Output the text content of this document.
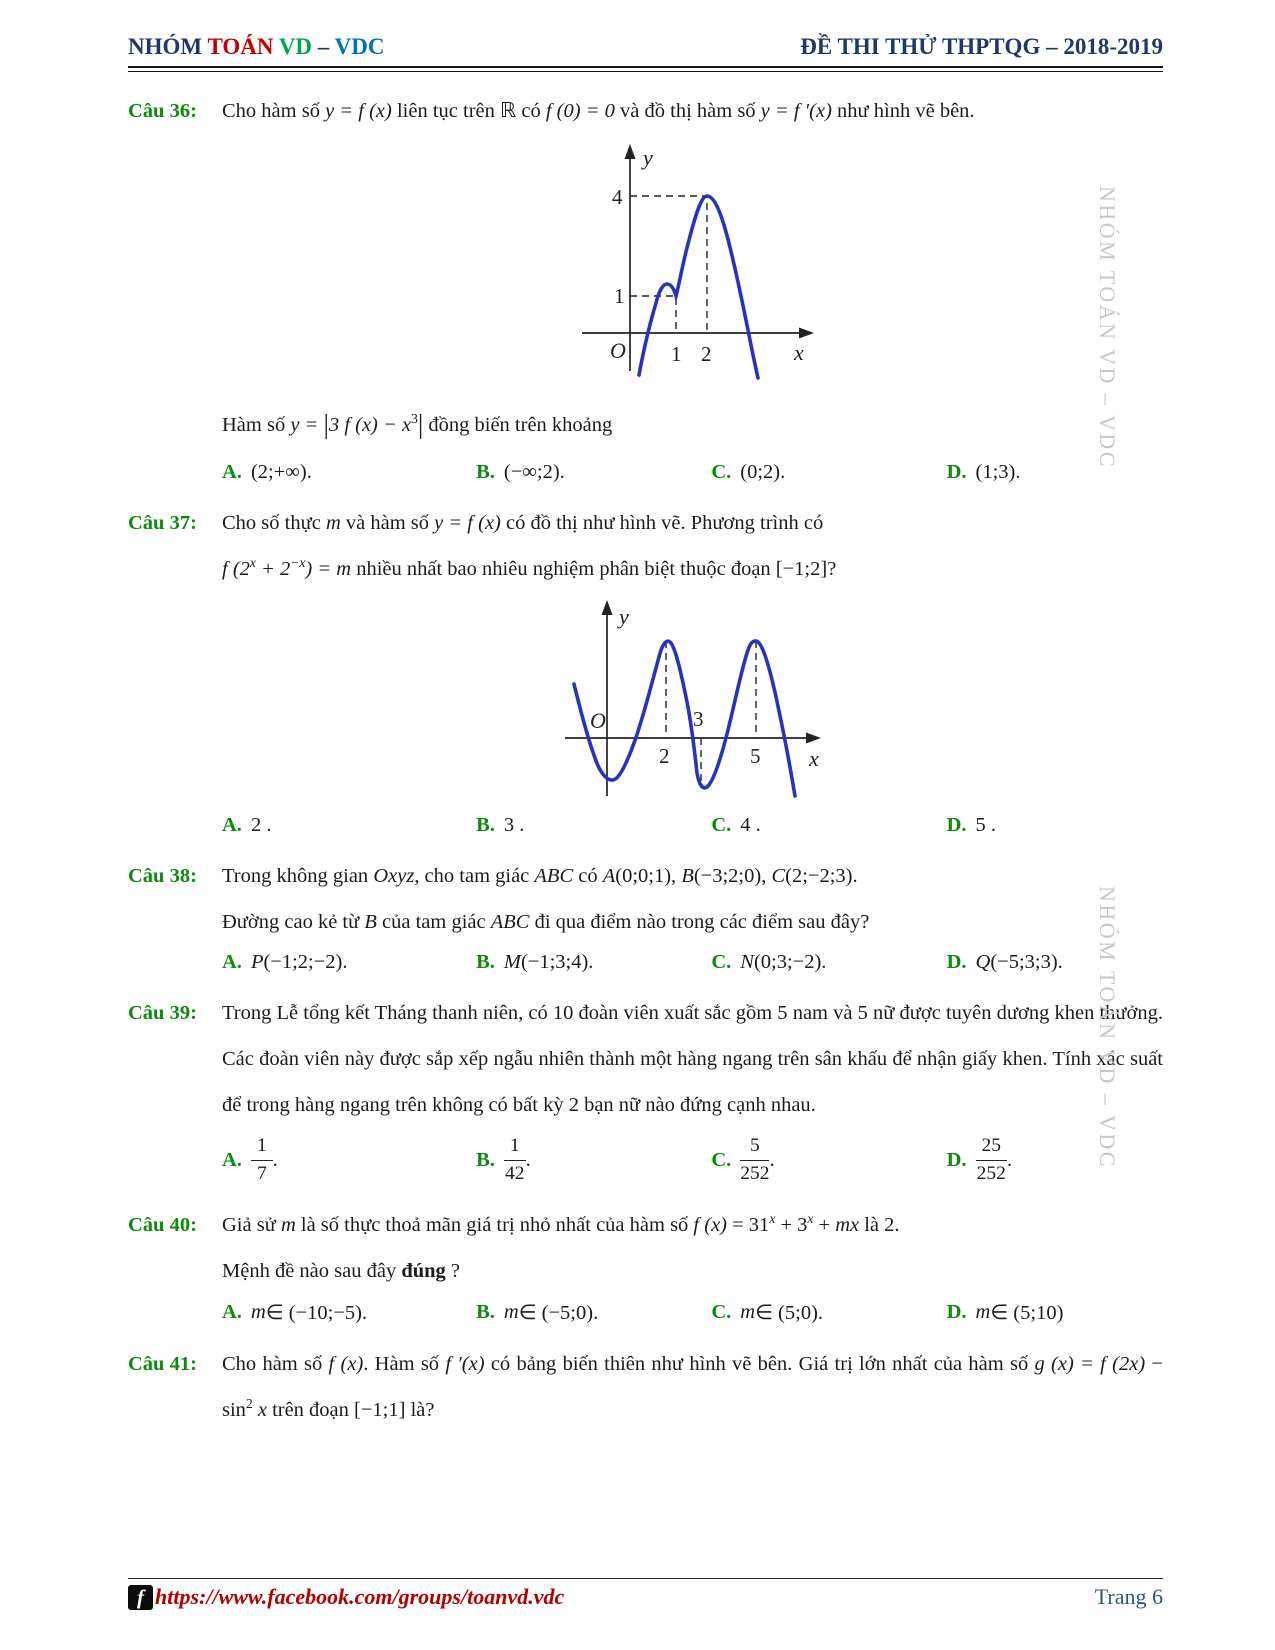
NHÓM TOÁN VD – VDC	ĐỀ THI THỬ THPTQG – 2018-2019
Câu 36:	Cho hàm số y = f (x) liên tục trên ℝ có f (0) = 0 và đồ thị hàm số y = f ′(x) như hình vẽ bên.
y
x
O
4
1
1 2
Hàm số y = |3 f $(x) - x^3|$ đồng biến trên khoảng
A. (2;+∞).	B. (−∞;2).	C. (0;2).	D. (1;3).
Câu 37:	Cho số thực m và hàm số y = f (x) có đồ thị như hình vẽ. Phương trình có
f $(2^x + 2^{-x}) = m$ nhiều nhất bao nhiêu nghiệm phân biệt thuộc đoạn [−1;2]?
y
x
O
2
3
5
A. 2 .	B. 3 .	C. 4 .	D. 5 .
Câu 38:	Trong không gian Oxyz, cho tam giác ABC có A(0;0;1), B(−3;2;0), C(2;−2;3).
Đường cao kẻ từ B của tam giác ABC đi qua điểm nào trong các điểm sau đây?
A. P (−1;2;−2).	B. M (−1;3;4).	C. N (0;3;−2).	D. Q (−5;3;3).
Câu 39:	Trong Lễ tổng kết Tháng thanh niên, có 10 đoàn viên xuất sắc gồm 5 nam và 5 nữ được tuyên dương khen thưởng. Các đoàn viên này được sắp xếp ngẫu nhiên thành một hàng ngang trên sân khấu để nhận giấy khen. Tính xác suất để trong hàng ngang trên không có bất kỳ 2 bạn nữ nào đứng cạnh nhau.
A. $\frac{1}{7}$ .	B. $\frac{1}{42}$ .	C. $\frac{5}{252}$ .	D. $\frac{25}{252}$ .
Câu 40:	Giả sử m là số thực thoả mãn giá trị nhỏ nhất của hàm số f $(x) = 31^x + 3^x$ + mx là 2.
Mệnh đề nào sau đây đúng ?
A. m ∈ (−10;−5).	B. m ∈ (−5;0).	C. m ∈ (5;0).	D. m ∈ (5;10)
Câu 41:	Cho hàm số f (x). Hàm số f ′(x) có bảng biến thiên như hình vẽ bên. Giá trị lớn nhất của hàm số g (x) = f $(2x) - \sin^2 x$ trên đoạn [−1;1] là?
NHÓM TOÁN VD – VDC
NHÓM TOÁN VD – VDC
f https://www.facebook.com/groups/toanvd.vdc	Trang 6
